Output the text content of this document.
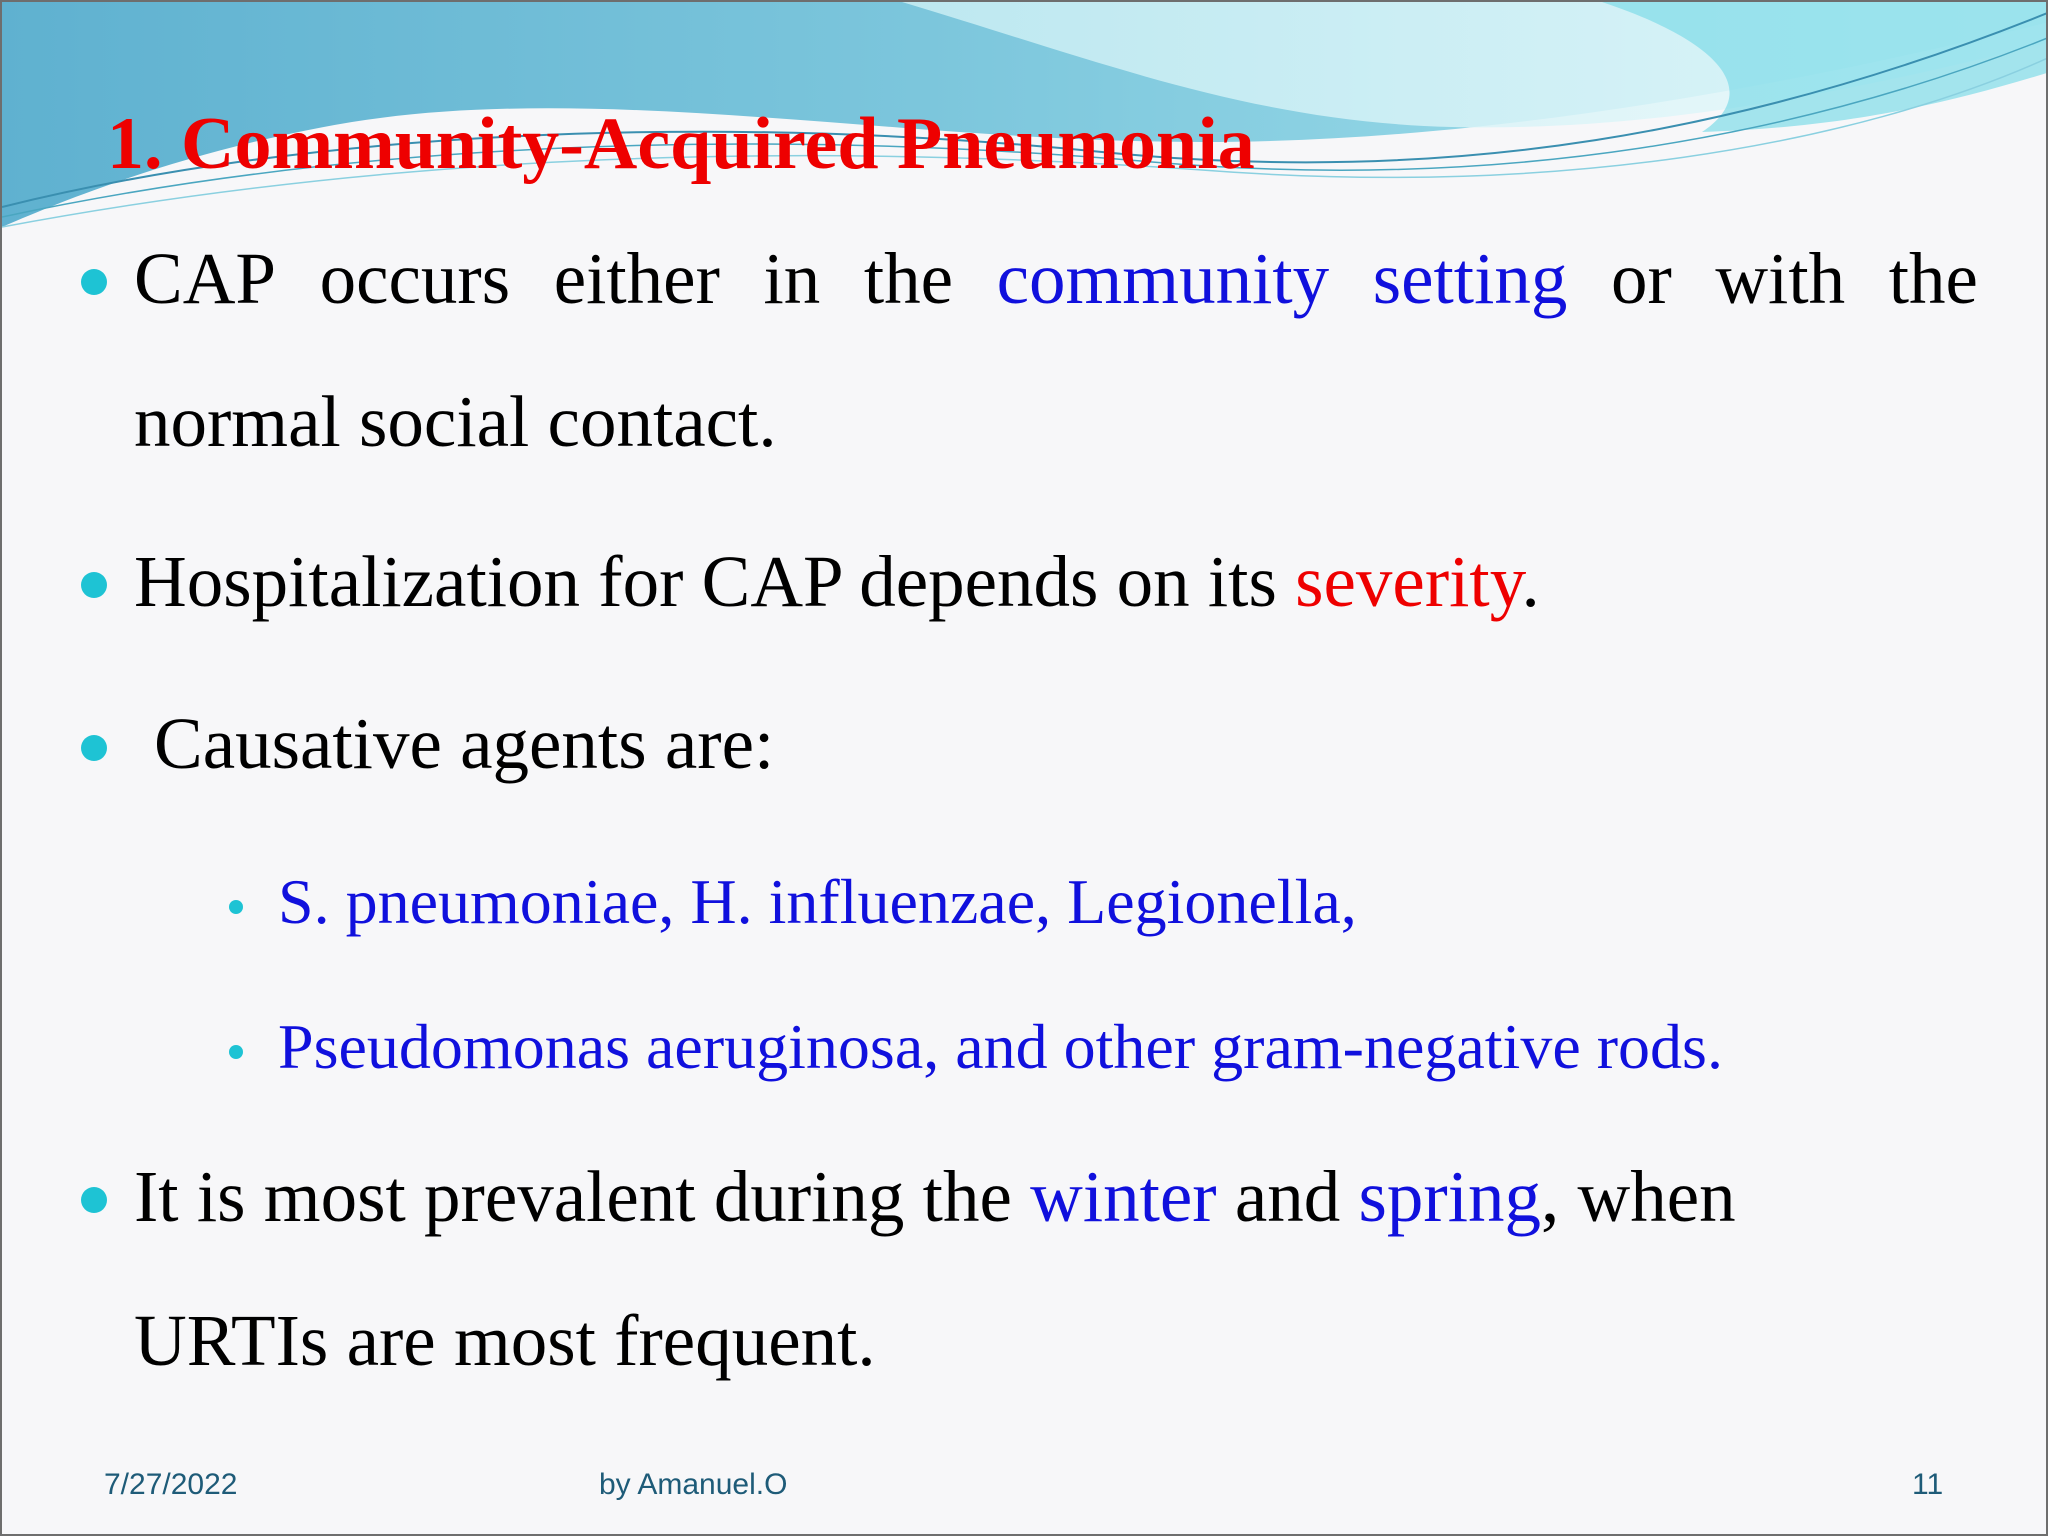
1. Community-Acquired Pneumonia
CAP occurs either in the community setting or with the
normal social contact.
Hospitalization for CAP depends on its severity.
Causative agents are:
S. pneumoniae, H. influenzae, Legionella,
Pseudomonas aeruginosa, and other gram-negative rods.
It is most prevalent during the winter and spring, when
URTIs are most frequent.
7/27/2022	by Amanuel.O	11
